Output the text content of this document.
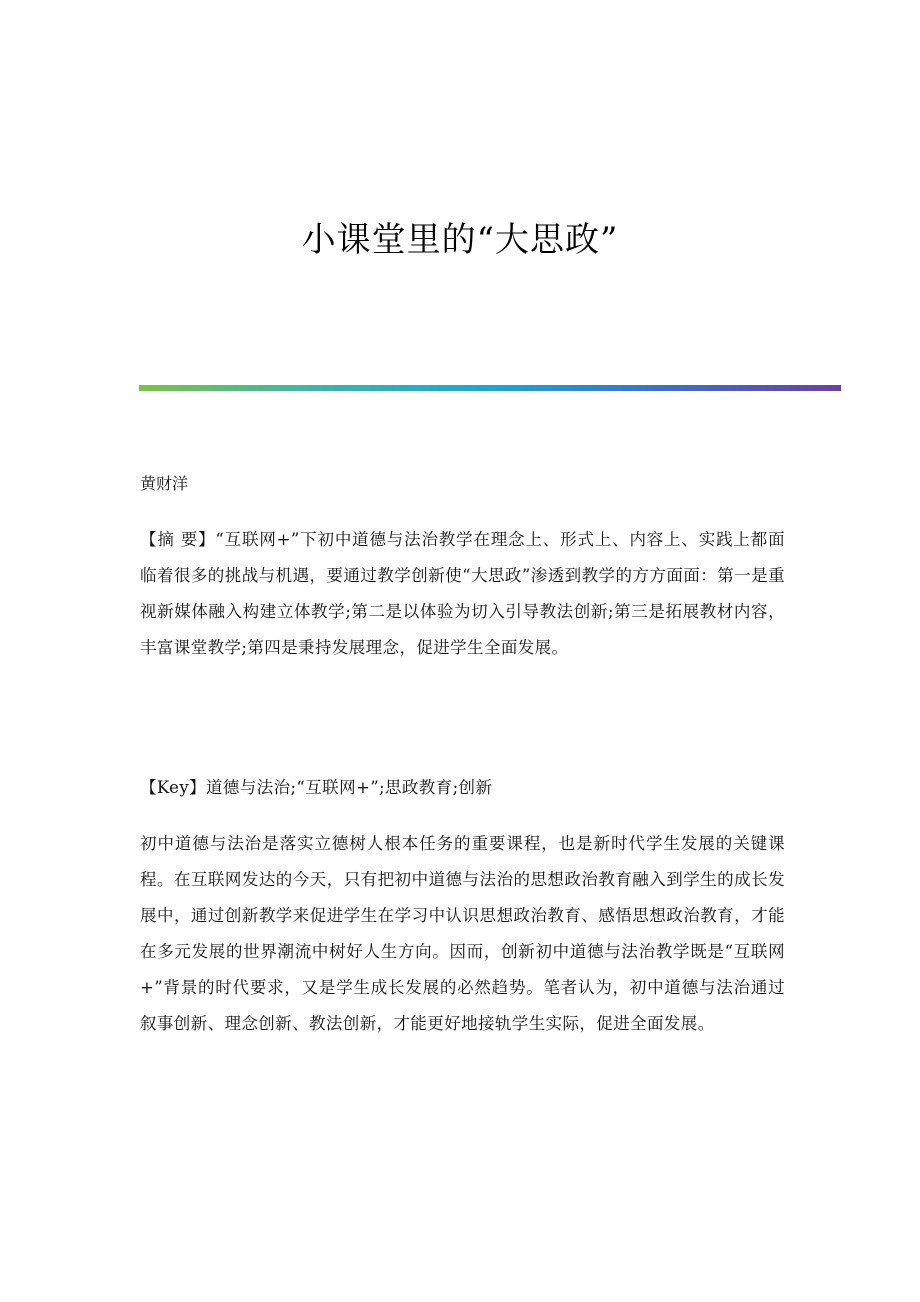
小课堂里的“大思政”
黄财洋

【摘 要】“互联网+”下初中道德与法治教学在理念上、形式上、内容上、实践上都面临着很多的挑战与机遇，要通过教学创新使“大思政”渗透到教学的方方面面：第一是重视新媒体融入构建立体教学;第二是以体验为切入引导教法创新;第三是拓展教材内容，丰富课堂教学;第四是秉持发展理念，促进学生全面发展。

【Key】道德与法治;“互联网+”;思政教育;创新

初中道德与法治是落实立德树人根本任务的重要课程，也是新时代学生发展的关键课程。在互联网发达的今天，只有把初中道德与法治的思想政治教育融入到学生的成长发展中，通过创新教学来促进学生在学习中认识思想政治教育、感悟思想政治教育，才能在多元发展的世界潮流中树好人生方向。因而，创新初中道德与法治教学既是“互联网+”背景的时代要求，又是学生成长发展的必然趋势。笔者认为，初中道德与法治通过叙事创新、理念创新、教法创新，才能更好地接轨学生实际，促进全面发展。
